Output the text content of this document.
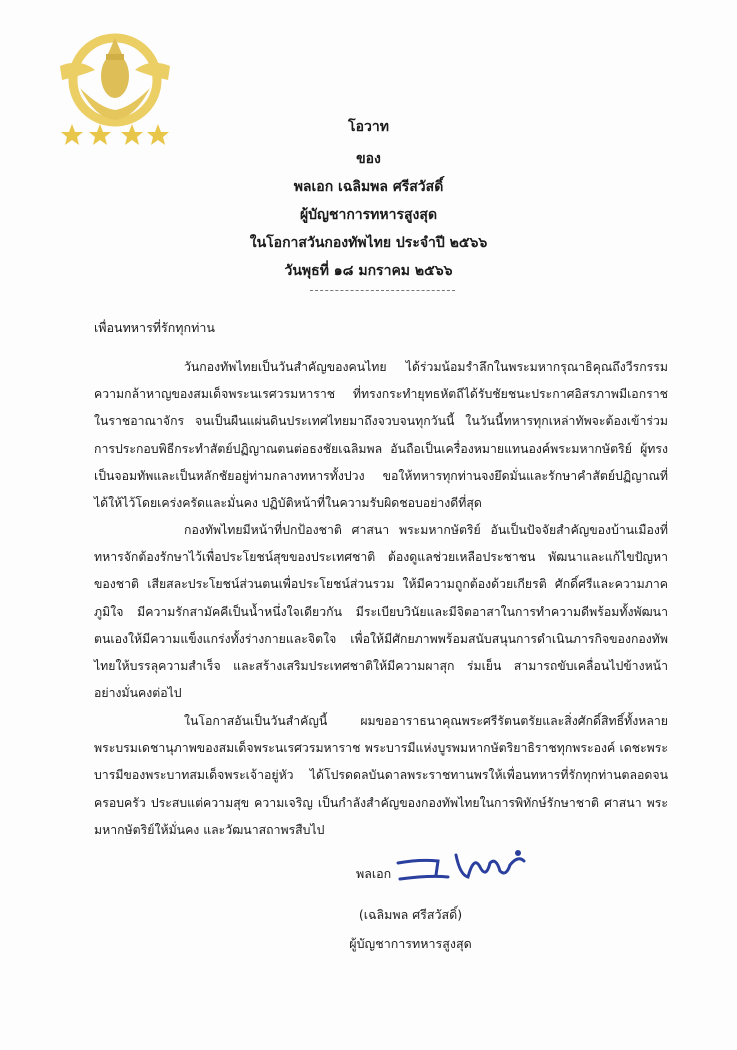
โอวาท
ของ
พลเอก เฉลิมพล ศรีสวัสดิ์
ผู้บัญชาการทหารสูงสุด
ในโอกาสวันกองทัพไทย ประจำปี ๒๕๖๖
วันพุธที่ ๑๘ มกราคม ๒๕๖๖
เพื่อนทหารที่รักทุกท่าน
วันกองทัพไทยเป็นวันสำคัญของคนไทย ได้ร่วมน้อมรำลึกในพระมหากรุณาธิคุณถึงวีรกรรมความกล้าหาญของสมเด็จพระนเรศวรมหาราช ที่ทรงกระทำยุทธหัตถีได้รับชัยชนะประกาศอิสรภาพมีเอกราชในราชอาณาจักร จนเป็นผืนแผ่นดินประเทศไทยมาถึงจวบจนทุกวันนี้ ในวันนี้ทหารทุกเหล่าทัพจะต้องเข้าร่วมการประกอบพิธีกระทำสัตย์ปฏิญาณตนต่อธงชัยเฉลิมพล อันถือเป็นเครื่องหมายแทนองค์พระมหากษัตริย์ ผู้ทรงเป็นจอมทัพและเป็นหลักชัยอยู่ท่ามกลางทหารทั้งปวง ขอให้ทหารทุกท่านจงยึดมั่นและรักษาคำสัตย์ปฏิญาณที่ได้ให้ไว้โดยเคร่งครัดและมั่นคง ปฏิบัติหน้าที่ในความรับผิดชอบอย่างดีที่สุด
กองทัพไทยมีหน้าที่ปกป้องชาติ ศาสนา พระมหากษัตริย์ อันเป็นปัจจัยสำคัญของบ้านเมืองที่ทหารจักต้องรักษาไว้เพื่อประโยชน์สุขของประเทศชาติ ต้องดูแลช่วยเหลือประชาชน พัฒนาและแก้ไขปัญหาของชาติ เสียสละประโยชน์ส่วนตนเพื่อประโยชน์ส่วนรวม ให้มีความถูกต้องด้วยเกียรติ ศักดิ์ศรีและความภาคภูมิใจ มีความรักสามัคคีเป็นน้ำหนึ่งใจเดียวกัน มีระเบียบวินัยและมีจิตอาสาในการทำความดีพร้อมทั้งพัฒนาตนเองให้มีความแข็งแกร่งทั้งร่างกายและจิตใจ เพื่อให้มีศักยภาพพร้อมสนับสนุนการดำเนินภารกิจของกองทัพไทยให้บรรลุความสำเร็จ และสร้างเสริมประเทศชาติให้มีความผาสุก ร่มเย็น สามารถขับเคลื่อนไปข้างหน้าอย่างมั่นคงต่อไป
ในโอกาสอันเป็นวันสำคัญนี้ ผมขออาราธนาคุณพระศรีรัตนตรัยและสิ่งศักดิ์สิทธิ์ทั้งหลาย พระบรมเดชานุภาพของสมเด็จพระนเรศวรมหาราช พระบารมีแห่งบูรพมหากษัตริยาธิราชทุกพระองค์ เดชะพระบารมีของพระบาทสมเด็จพระเจ้าอยู่หัว ได้โปรดดลบันดาลพระราชทานพรให้เพื่อนทหารที่รักทุกท่านตลอดจนครอบครัว ประสบแต่ความสุข ความเจริญ เป็นกำลังสำคัญของกองทัพไทยในการพิทักษ์รักษาชาติ ศาสนา พระมหากษัตริย์ให้มั่นคง และวัฒนาสถาพรสืบไป
พลเอก
(เฉลิมพล ศรีสวัสดิ์)
ผู้บัญชาการทหารสูงสุด
